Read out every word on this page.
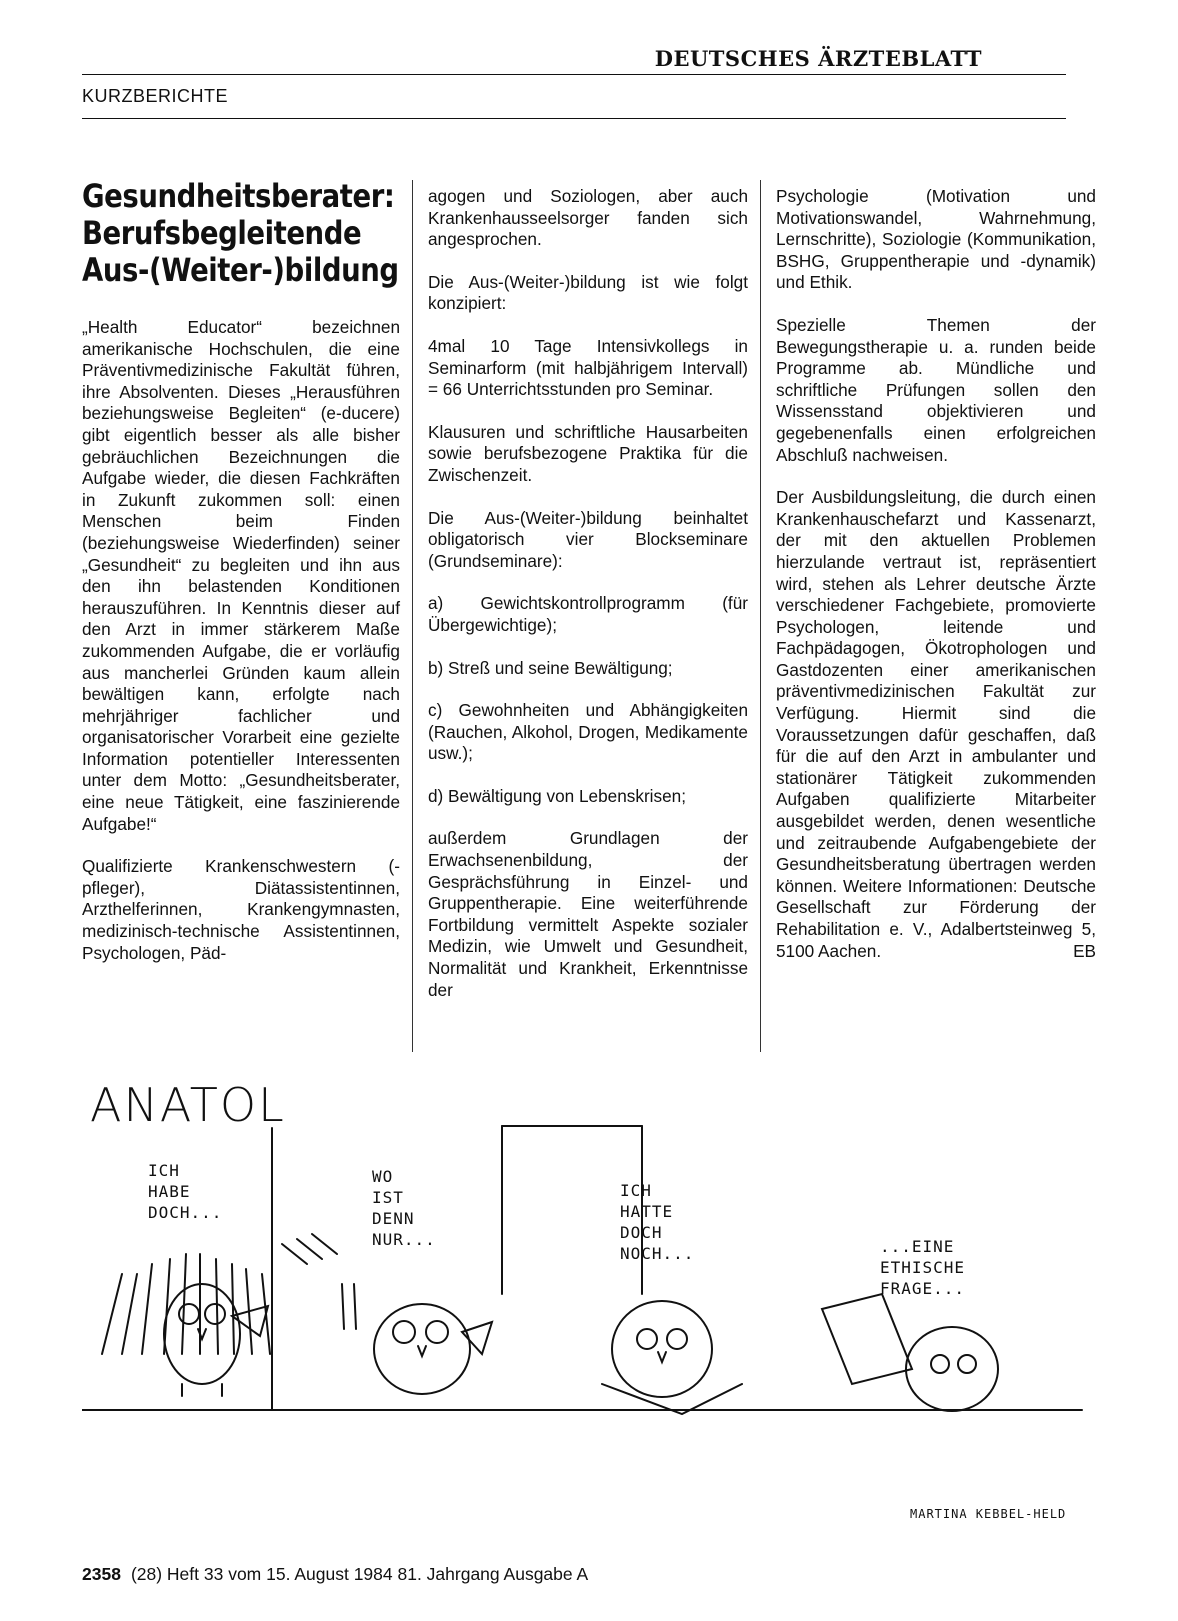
DEUTSCHES ÄRZTEBLATT
KURZBERICHTE
Gesundheitsberater:
Berufsbegleitende
Aus-(Weiter-)bildung

„Health Educator“ bezeichnen amerikanische Hochschulen, die eine Präventivmedizinische Fakultät führen, ihre Absolventen. Dieses „Herausführen beziehungsweise Begleiten“ (e-ducere) gibt eigentlich besser als alle bisher gebräuchlichen Bezeichnungen die Aufgabe wieder, die diesen Fachkräften in Zukunft zukommen soll: einen Menschen beim Finden (beziehungsweise Wiederfinden) seiner „Gesundheit“ zu begleiten und ihn aus den ihn belastenden Konditionen herauszuführen. In Kenntnis dieser auf den Arzt in immer stärkerem Maße zukommenden Aufgabe, die er vorläufig aus mancherlei Gründen kaum allein bewältigen kann, erfolgte nach mehrjähriger fachlicher und organisatorischer Vorarbeit eine gezielte Information potentieller Interessenten unter dem Motto: „Gesundheitsberater, eine neue Tätigkeit, eine faszinierende Aufgabe!“

Qualifizierte Krankenschwestern (-pfleger), Diätassistentinnen, Arzthelferinnen, Krankengymnasten, medizinisch-technische Assistentinnen, Psychologen, Päd-

agogen und Soziologen, aber auch Krankenhausseelsorger fanden sich angesprochen.

Die Aus-(Weiter-)bildung ist wie folgt konzipiert:

4mal 10 Tage Intensivkollegs in Seminarform (mit halbjährigem Intervall) = 66 Unterrichtsstunden pro Seminar.

Klausuren und schriftliche Hausarbeiten sowie berufsbezogene Praktika für die Zwischenzeit.

Die Aus-(Weiter-)bildung beinhaltet obligatorisch vier Blockseminare (Grundseminare):

a) Gewichtskontrollprogramm (für Übergewichtige);

b) Streß und seine Bewältigung;

c) Gewohnheiten und Abhängigkeiten (Rauchen, Alkohol, Drogen, Medikamente usw.);

d) Bewältigung von Lebenskrisen;

außerdem Grundlagen der Erwachsenenbildung, der Gesprächsführung in Einzel- und Gruppentherapie. Eine weiterführende Fortbildung vermittelt Aspekte sozialer Medizin, wie Umwelt und Gesundheit, Normalität und Krankheit, Erkenntnisse der

Psychologie (Motivation und Motivationswandel, Wahrnehmung, Lernschritte), Soziologie (Kommunikation, BSHG, Gruppentherapie und -dynamik) und Ethik.

Spezielle Themen der Bewegungstherapie u. a. runden beide Programme ab. Mündliche und schriftliche Prüfungen sollen den Wissensstand objektivieren und gegebenenfalls einen erfolgreichen Abschluß nachweisen.

Der Ausbildungsleitung, die durch einen Krankenhauschefarzt und Kassenarzt, der mit den aktuellen Problemen hierzulande vertraut ist, repräsentiert wird, stehen als Lehrer deutsche Ärzte verschiedener Fachgebiete, promovierte Psychologen, leitende und Fachpädagogen, Ökotrophologen und Gastdozenten einer amerikanischen präventivmedizinischen Fakultät zur Verfügung. Hiermit sind die Voraussetzungen dafür geschaffen, daß für die auf den Arzt in ambulanter und stationärer Tätigkeit zukommenden Aufgaben qualifizierte Mitarbeiter ausgebildet werden, denen wesentliche und zeitraubende Aufgabengebiete der Gesundheitsberatung übertragen werden können. Weitere Informationen: Deutsche Gesellschaft zur Förderung der Rehabilitation e. V., Adalbertsteinweg 5, 5100 Aachen.	EB

ANATOL
ICH
HABE
DOCH...
WO
IST
DENN
NUR...
ICH
HATTE
DOCH
NOCH...	...EINE
ETHISCHE
FRAGE...
MARTINA KEBBEL-HELD
2358 (28) Heft 33 vom 15. August 1984 81. Jahrgang Ausgabe A
